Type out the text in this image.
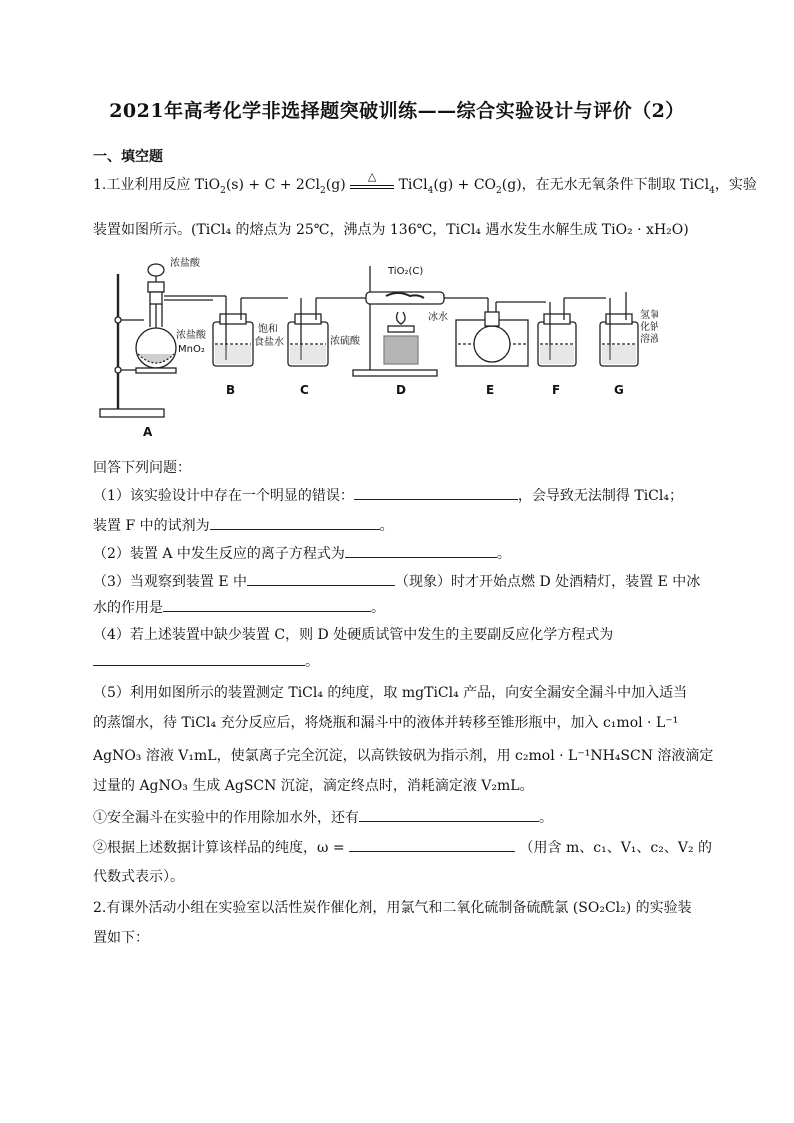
2021年高考化学非选择题突破训练——综合实验设计与评价（2）
一、填空题
1.工业利用反应 $TiO_2(s) + C + 2Cl_2(g)$
△
TiCl$_4$(g) + $CO_2(g)$，在无水无氧条件下制取 TiCl$_4$，实验
装置如图所示。(TiCl₄ 的熔点为 25℃，沸点为 136℃，TiCl₄ 遇水发生水解生成 TiO₂ · xH₂O)
浓盐酸
浓盐酸
MnO₂
饱和
食盐水	浓硫酸
TiO₂(C)
冰水	氢氧
化钠
溶液
A
B	C	D	E	F	G
回答下列问题：
（1）该实验设计中存在一个明显的错误：	，会导致无法制得 TiCl₄；
装置 F 中的试剂为	。
（2）装置 A 中发生反应的离子方程式为	。
（3）当观察到装置 E 中	（现象）时才开始点燃 D 处酒精灯，装置 E 中冰
水的作用是	。
（4）若上述装置中缺少装置 C，则 D 处硬质试管中发生的主要副反应化学方程式为
。
（5）利用如图所示的装置测定 TiCl₄ 的纯度，取 mgTiCl₄ 产品，向安全漏安全漏斗中加入适当
的蒸馏水，待 TiCl₄ 充分反应后，将烧瓶和漏斗中的液体并转移至锥形瓶中，加入 c₁mol · L⁻¹
AgNO₃ 溶液 V₁mL，使氯离子完全沉淀，以高铁铵矾为指示剂，用 c₂mol · L⁻¹NH₄SCN 溶液滴定
过量的 AgNO₃ 生成 AgSCN 沉淀，滴定终点时，消耗滴定液 V₂mL。
①安全漏斗在实验中的作用除加水外，还有	。
②根据上述数据计算该样品的纯度，ω =	（用含 m、c₁、V₁、c₂、V₂ 的
代数式表示）。
2.有课外活动小组在实验室以活性炭作催化剂，用氯气和二氧化硫制备硫酰氯 (SO₂Cl₂) 的实验装
置如下：
